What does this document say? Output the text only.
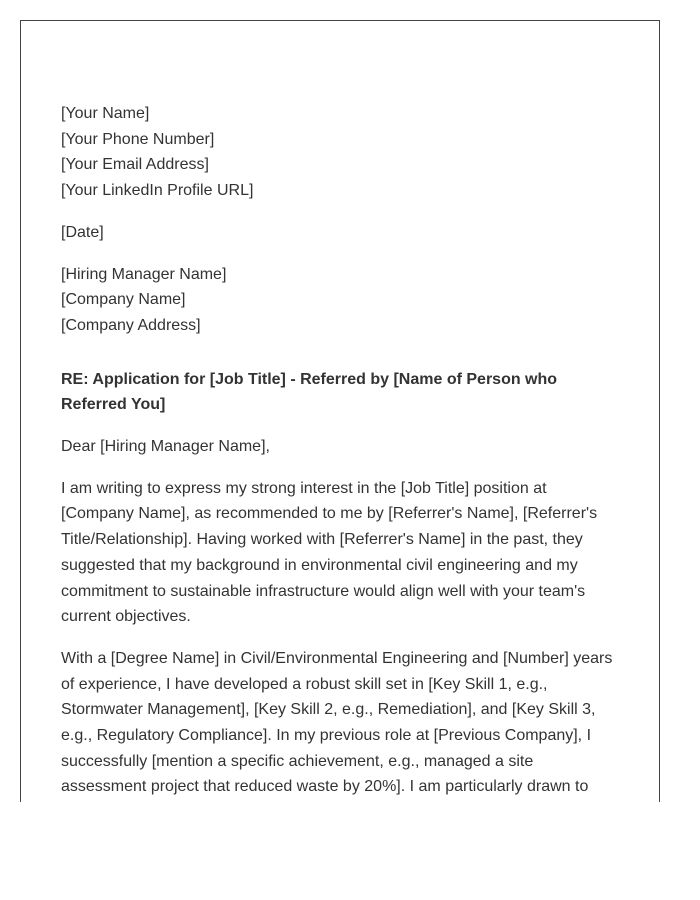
[Your Name]
[Your Phone Number]
[Your Email Address]
[Your LinkedIn Profile URL]
[Date]
[Hiring Manager Name]
[Company Name]
[Company Address]
RE: Application for [Job Title] - Referred by [Name of Person who Referred You]

Dear [Hiring Manager Name],

I am writing to express my strong interest in the [Job Title] position at [Company Name], as recommended to me by [Referrer's Name], [Referrer's Title/Relationship]. Having worked with [Referrer's Name] in the past, they suggested that my background in environmental civil engineering and my commitment to sustainable infrastructure would align well with your team's current objectives.

With a [Degree Name] in Civil/Environmental Engineering and [Number] years of experience, I have developed a robust skill set in [Key Skill 1, e.g., Stormwater Management], [Key Skill 2, e.g., Remediation], and [Key Skill 3, e.g., Regulatory Compliance]. In my previous role at [Previous Company], I successfully [mention a specific achievement, e.g., managed a site assessment project that reduced waste by 20%]. I am particularly drawn to
